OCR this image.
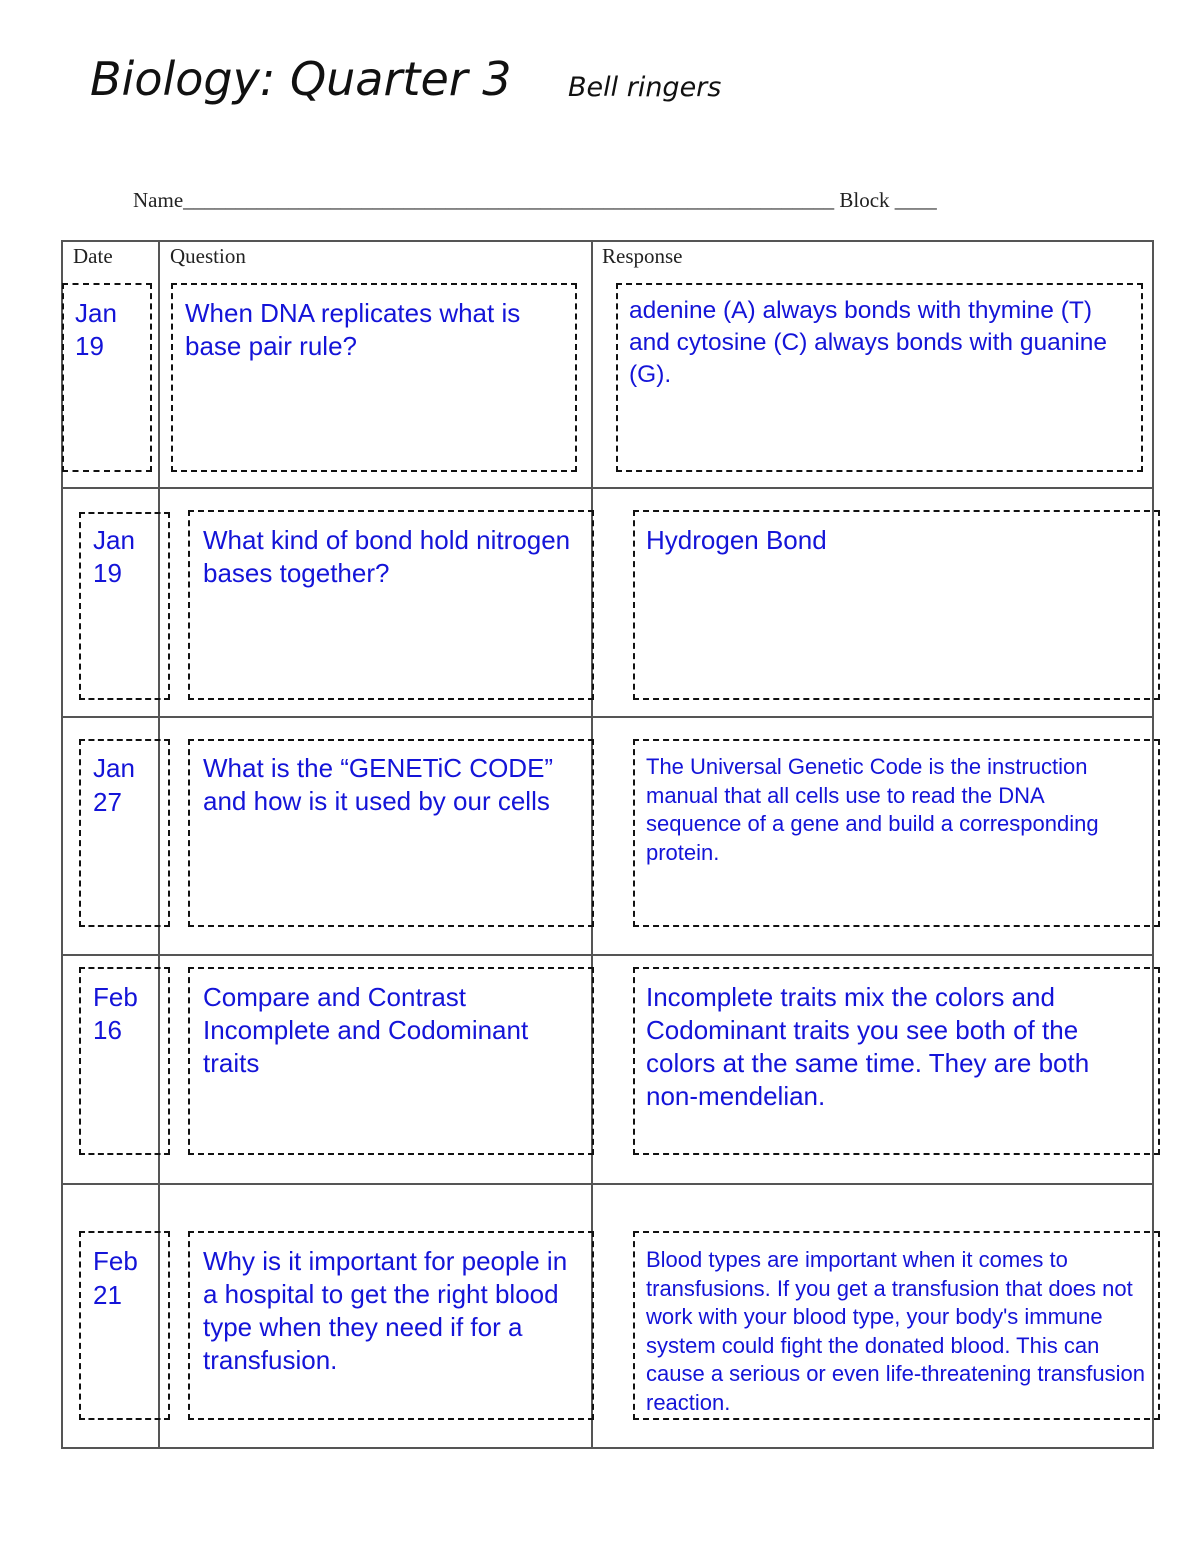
Biology: Quarter 3 Bell ringers
Name______________________________________________________________ Block ____
Date	Question	Response
Jan
19
When DNA replicates what is base pair rule?
adenine (A) always bonds with thymine (T) and cytosine (C) always bonds with guanine (G).
Jan
19
What kind of bond hold nitrogen bases together?
Hydrogen Bond
Jan
27
What is the “GENETiC CODE” and how is it used by our cells
The Universal Genetic Code is the instruction manual that all cells use to read the DNA sequence of a gene and build a corresponding protein.
Feb
16
Compare and Contrast Incomplete and Codominant traits
Incomplete traits mix the colors and Codominant traits you see both of the colors at the same time. They are both non-mendelian.
Feb
21
Why is it important for people in a hospital to get the right blood type when they need if for a transfusion.
Blood types are important when it comes to transfusions. If you get a transfusion that does not work with your blood type, your body's immune system could fight the donated blood. This can cause a serious or even life-threatening transfusion reaction.
